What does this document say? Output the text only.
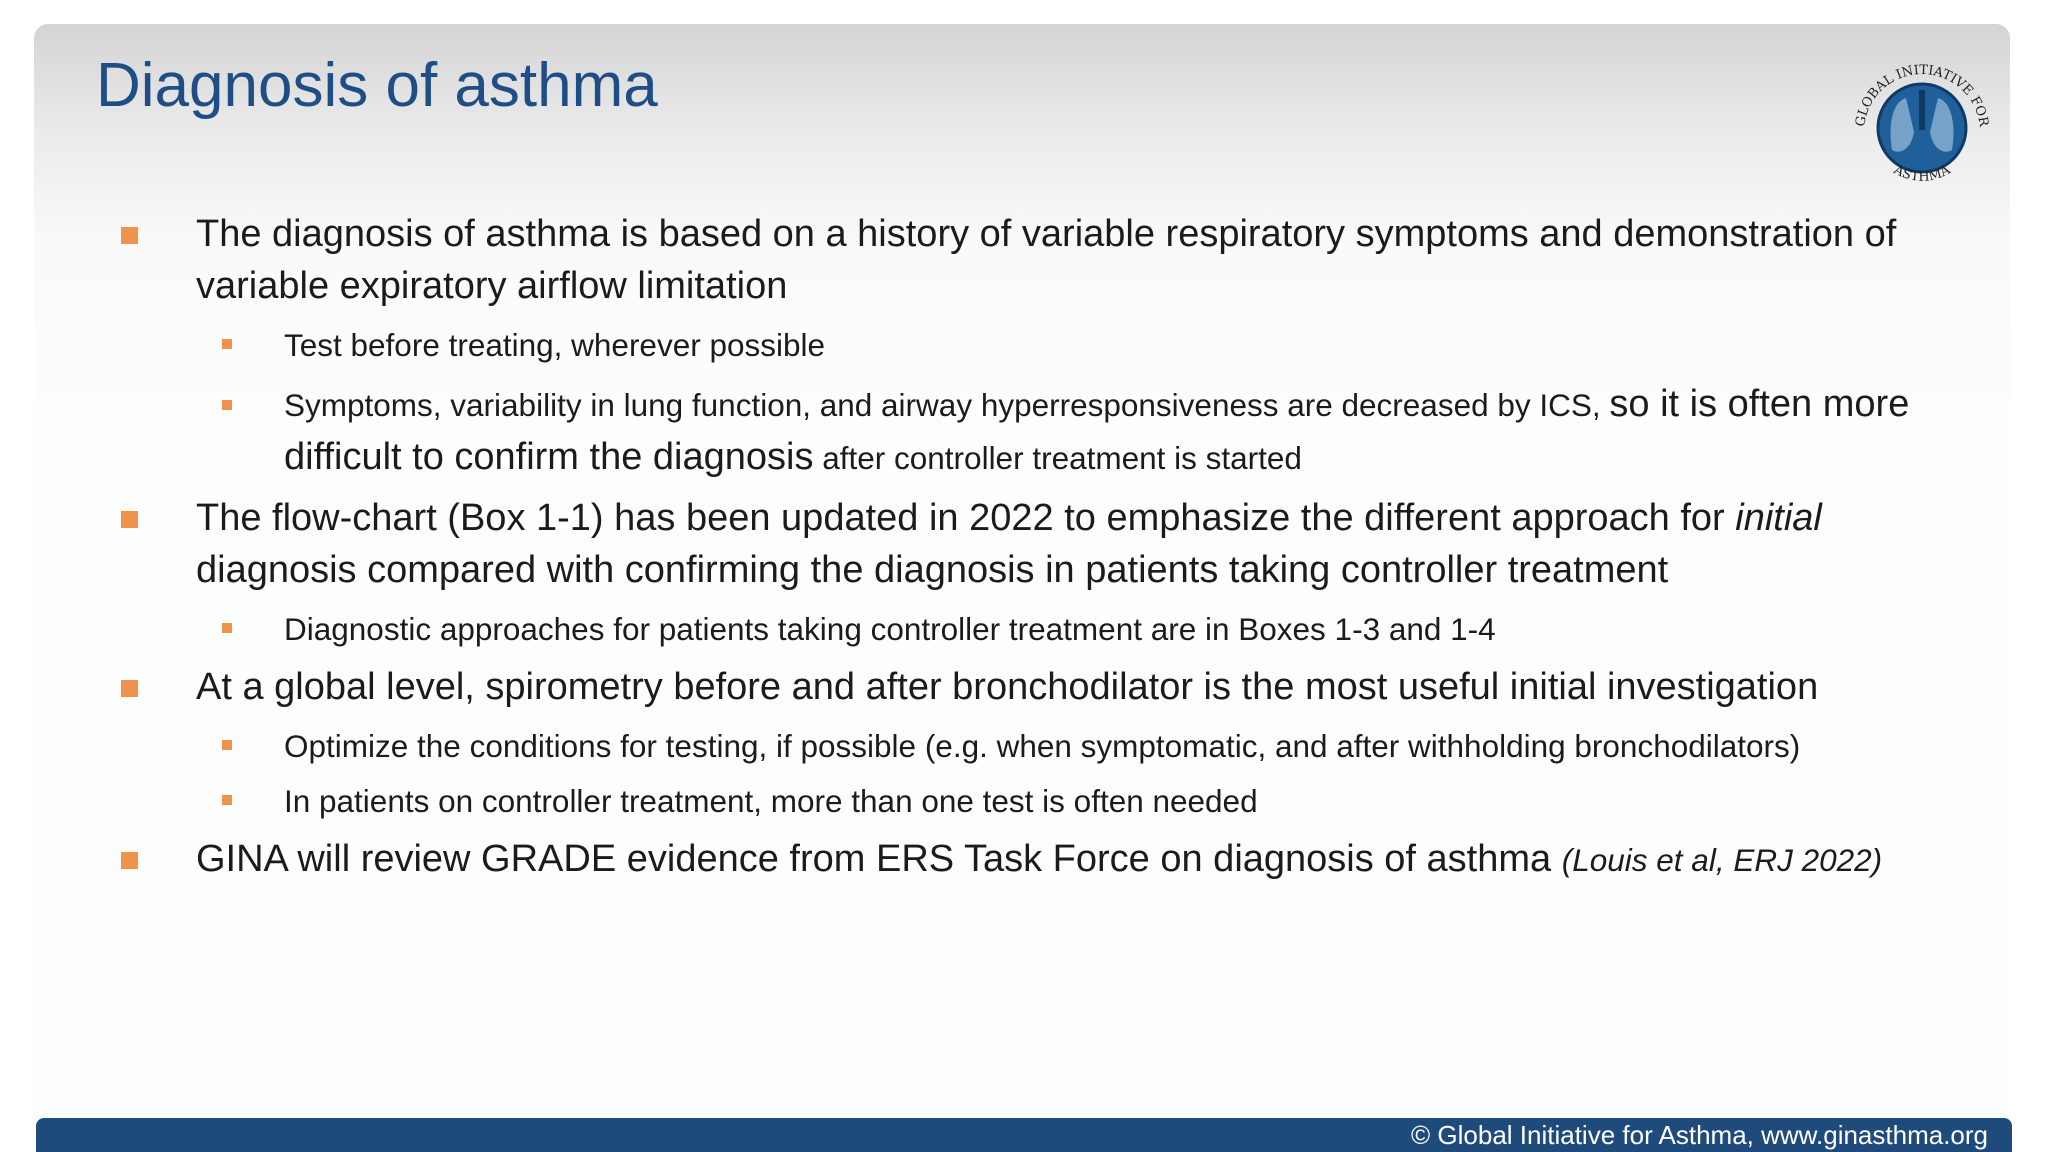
Diagnosis of asthma
GLOBAL INITIATIVE FOR
ASTHMA
The diagnosis of asthma is based on a history of variable respiratory symptoms and demonstration of variable expiratory airflow limitation
Test before treating, wherever possible
Symptoms, variability in lung function, and airway hyperresponsiveness are decreased by ICS, so it is often more difficult to confirm the diagnosis after controller treatment is started
The flow-chart (Box 1-1) has been updated in 2022 to emphasize the different approach for initial diagnosis compared with confirming the diagnosis in patients taking controller treatment
Diagnostic approaches for patients taking controller treatment are in Boxes 1-3 and 1-4
At a global level, spirometry before and after bronchodilator is the most useful initial investigation
Optimize the conditions for testing, if possible (e.g. when symptomatic, and after withholding bronchodilators)
In patients on controller treatment, more than one test is often needed
GINA will review GRADE evidence from ERS Task Force on diagnosis of asthma (Louis et al, ERJ 2022)
© Global Initiative for Asthma, www.ginasthma.org
